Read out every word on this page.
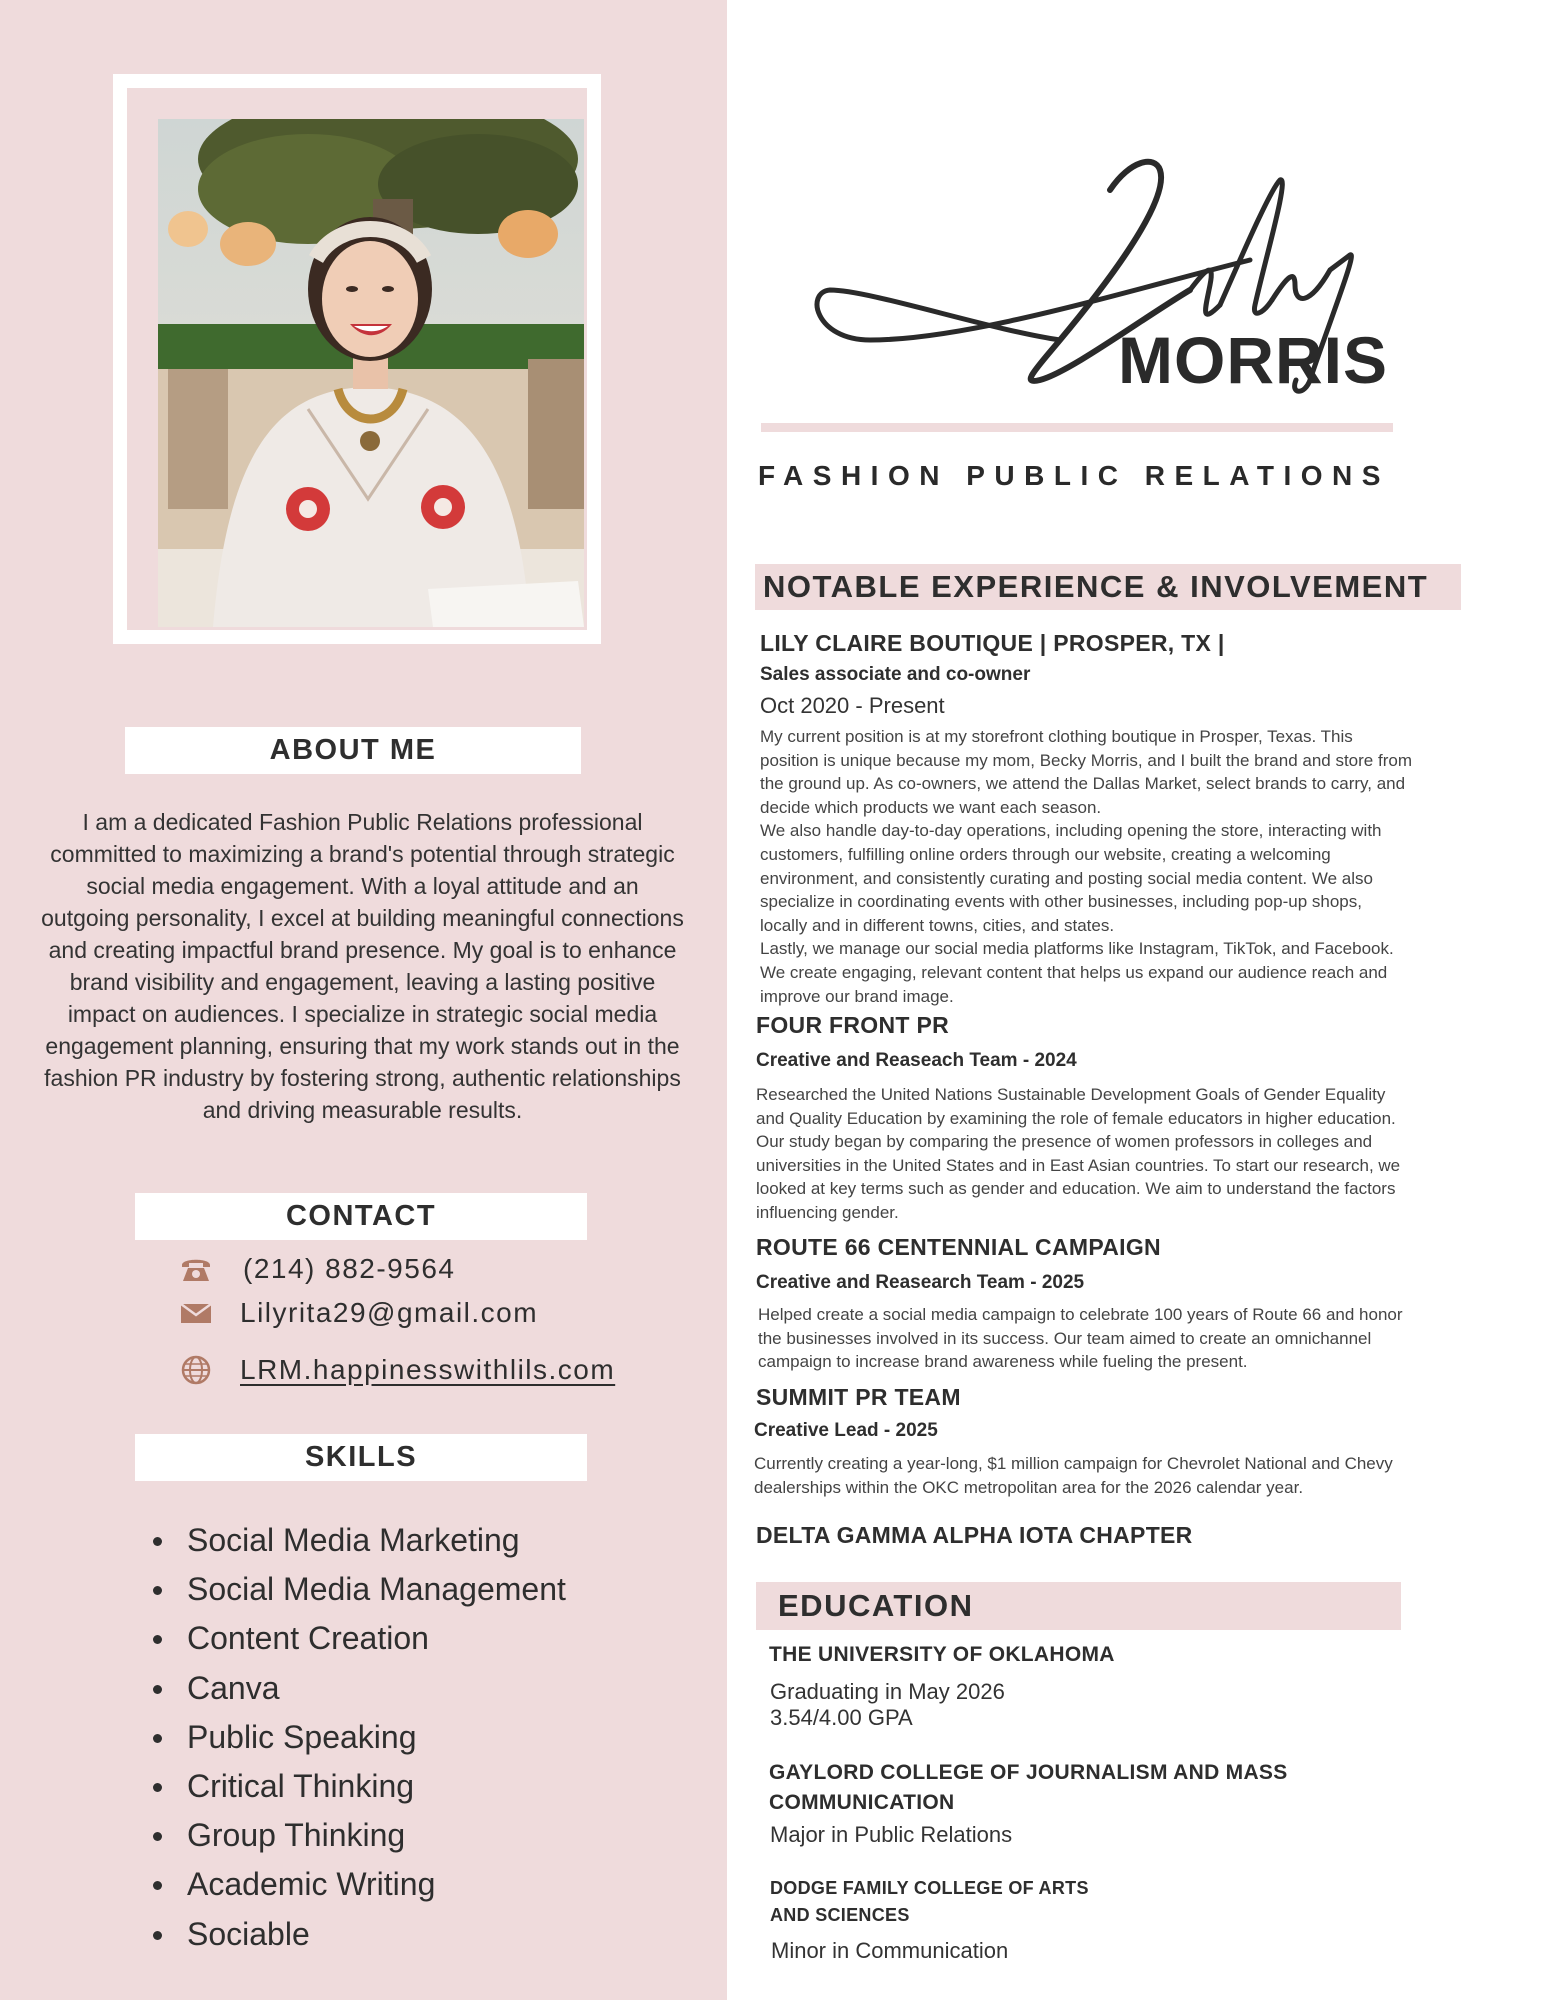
ABOUT ME

I am a dedicated Fashion Public Relations professional committed to maximizing a brand's potential through strategic social media engagement. With a loyal attitude and an outgoing personality, I excel at building meaningful connections and creating impactful brand presence. My goal is to enhance brand visibility and engagement, leaving a lasting positive impact on audiences. I specialize in strategic social media engagement planning, ensuring that my work stands out in the fashion PR industry by fostering strong, authentic relationships and driving measurable results.

CONTACT
(214) 882-9564
Lilyrita29@gmail.com
LRM.happinesswithlils.com
SKILLS
Social Media Marketing
Social Media Management
Content Creation
Canva
Public Speaking
Critical Thinking
Group Thinking
Academic Writing
Sociable
Lily
MORRIS
FASHION PUBLIC RELATIONS
NOTABLE EXPERIENCE & INVOLVEMENT
LILY CLAIRE BOUTIQUE | PROSPER, TX |
Sales associate and co-owner
Oct 2020 - Present
My current position is at my storefront clothing boutique in Prosper, Texas. This
position is unique because my mom, Becky Morris, and I built the brand and store from
the ground up. As co-owners, we attend the Dallas Market, select brands to carry, and
decide which products we want each season.
We also handle day-to-day operations, including opening the store, interacting with
customers, fulfilling online orders through our website, creating a welcoming
environment, and consistently curating and posting social media content. We also
specialize in coordinating events with other businesses, including pop-up shops,
locally and in different towns, cities, and states.
Lastly, we manage our social media platforms like Instagram, TikTok, and Facebook.
We create engaging, relevant content that helps us expand our audience reach and
improve our brand image.
FOUR FRONT PR
Creative and Reaseach Team - 2024
Researched the United Nations Sustainable Development Goals of Gender Equality
and Quality Education by examining the role of female educators in higher education.
Our study began by comparing the presence of women professors in colleges and
universities in the United States and in East Asian countries. To start our research, we
looked at key terms such as gender and education. We aim to understand the factors
influencing gender.
ROUTE 66 CENTENNIAL CAMPAIGN
Creative and Reasearch Team - 2025
Helped create a social media campaign to celebrate 100 years of Route 66 and honor
the businesses involved in its success. Our team aimed to create an omnichannel
campaign to increase brand awareness while fueling the present.
SUMMIT PR TEAM
Creative Lead - 2025
Currently creating a year-long, $1 million campaign for Chevrolet National and Chevy
dealerships within the OKC metropolitan area for the 2026 calendar year.
DELTA GAMMA ALPHA IOTA CHAPTER
EDUCATION
THE UNIVERSITY OF OKLAHOMA
Graduating in May 2026
3.54/4.00 GPA
GAYLORD COLLEGE OF JOURNALISM AND MASS
COMMUNICATION
Major in Public Relations
DODGE FAMILY COLLEGE OF ARTS
AND SCIENCES
Minor in Communication
